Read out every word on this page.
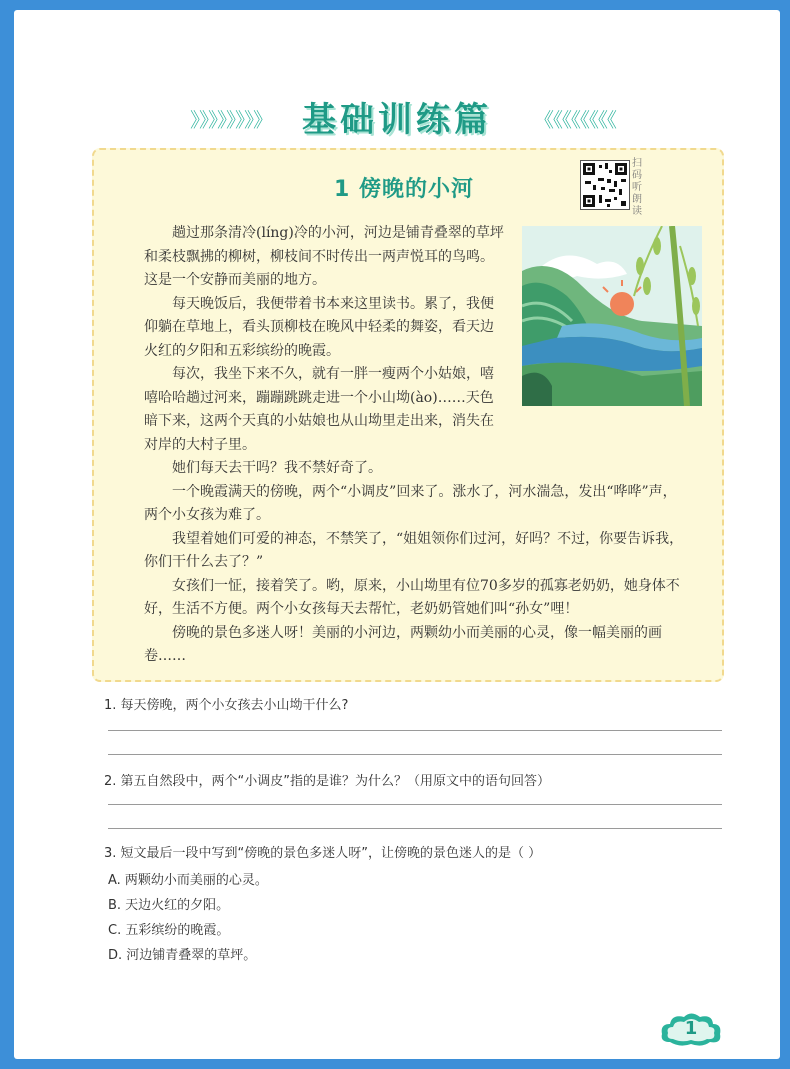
》》》》》》》》 基础训练篇	《《《《《《《《
1 傍晚的小河
扫码听朗读

趟过那条清冷(líng)冷的小河，河边是铺青叠翠的草坪和柔枝飘拂的柳树，柳枝间不时传出一两声悦耳的鸟鸣。这是一个安静而美丽的地方。

每天晚饭后，我便带着书本来这里读书。累了，我便仰躺在草地上，看头顶柳枝在晚风中轻柔的舞姿，看天边火红的夕阳和五彩缤纷的晚霞。

每次，我坐下来不久，就有一胖一瘦两个小姑娘，嘻嘻哈哈趟过河来，蹦蹦跳跳走进一个小山坳(ào)……天色暗下来，这两个天真的小姑娘也从山坳里走出来，消失在对岸的大村子里。

她们每天去干吗？我不禁好奇了。

一个晚霞满天的傍晚，两个“小调皮”回来了。涨水了，河水湍急，发出“哗哗”声，两个小女孩为难了。

我望着她们可爱的神态，不禁笑了，“姐姐领你们过河，好吗？不过，你要告诉我，你们干什么去了？”

女孩们一怔，接着笑了。哟，原来，小山坳里有位70多岁的孤寡老奶奶，她身体不好，生活不方便。两个小女孩每天去帮忙，老奶奶管她们叫“孙女”哩！

傍晚的景色多迷人呀！美丽的小河边，两颗幼小而美丽的心灵，像一幅美丽的画卷……

1. 每天傍晚，两个小女孩去小山坳干什么?
2. 第五自然段中，两个“小调皮”指的是谁？为什么？（用原文中的语句回答）
3. 短文最后一段中写到“傍晚的景色多迷人呀”，让傍晚的景色迷人的是（ ）
A. 两颗幼小而美丽的心灵。
B. 天边火红的夕阳。
C. 五彩缤纷的晚霞。
D. 河边铺青叠翠的草坪。
1
